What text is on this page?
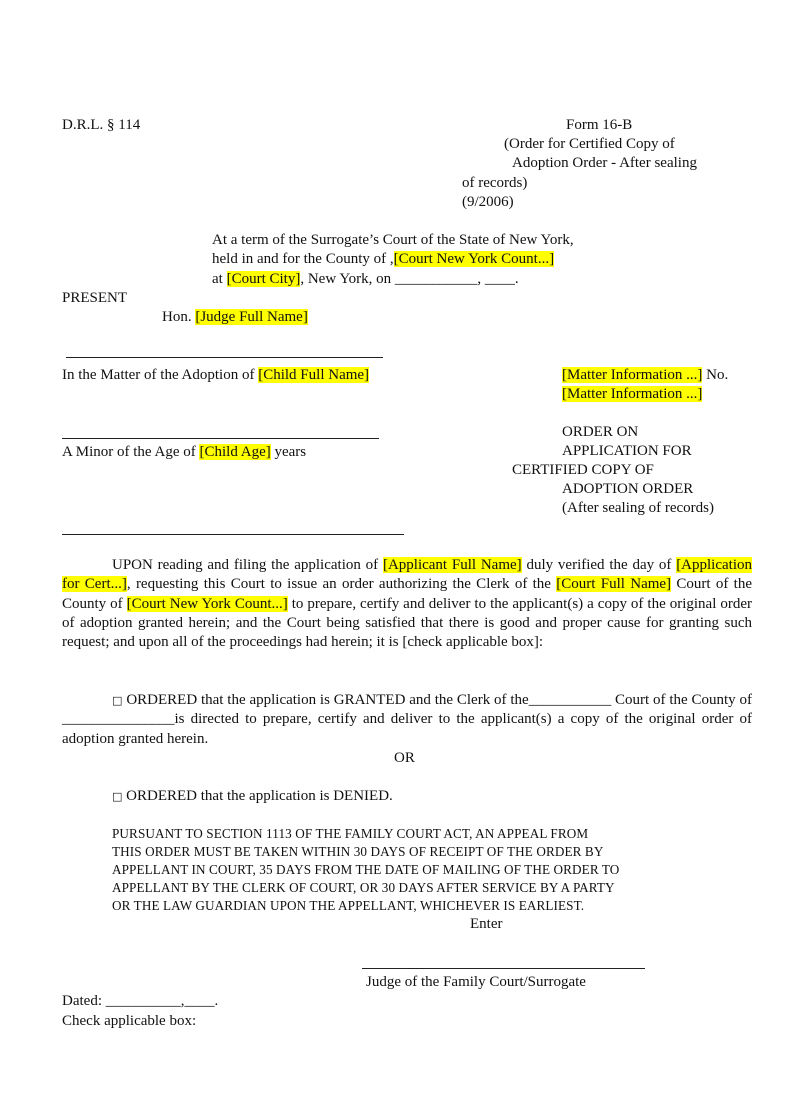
D.R.L. § 114	Form 16-B
(Order for Certified Copy of
Adoption Order - After sealing
of records)
(9/2006)
At a term of the Surrogate’s Court of the State of New York,
held in and for the County of ,[Court New York Count...]
at [Court City], New York, on ___________, ____.
PRESENT
Hon. [Judge Full Name]
In the Matter of the Adoption of [Child Full Name]
A Minor of the Age of [Child Age] years
[Matter Information ...] No.
[Matter Information ...]
ORDER ON
APPLICATION FOR
CERTIFIED COPY OF
ADOPTION ORDER
(After sealing of records)
UPON reading and filing the application of [Applicant Full Name] duly verified the day of [Application for Cert...], requesting this Court to issue an order authorizing the Clerk of the [Court Full Name] Court of the County of [Court New York Count...] to prepare, certify and deliver to the applicant(s) a copy of the original order of adoption granted herein; and the Court being satisfied that there is good and proper cause for granting such request; and upon all of the proceedings had herein; it is [check applicable box]:
□ ORDERED that the application is GRANTED and the Clerk of the___________ Court of the County of _______________is directed to prepare, certify and deliver to the applicant(s) a copy of the original order of adoption granted herein.
OR
□ ORDERED that the application is DENIED.
PURSUANT TO SECTION 1113 OF THE FAMILY COURT ACT, AN APPEAL FROM
THIS ORDER MUST BE TAKEN WITHIN 30 DAYS OF RECEIPT OF THE ORDER BY
APPELLANT IN COURT, 35 DAYS FROM THE DATE OF MAILING OF THE ORDER TO
APPELLANT BY THE CLERK OF COURT, OR 30 DAYS AFTER SERVICE BY A PARTY
OR THE LAW GUARDIAN UPON THE APPELLANT, WHICHEVER IS EARLIEST.
Enter
Judge of the Family Court/Surrogate
Dated: __________,____.
Check applicable box:
